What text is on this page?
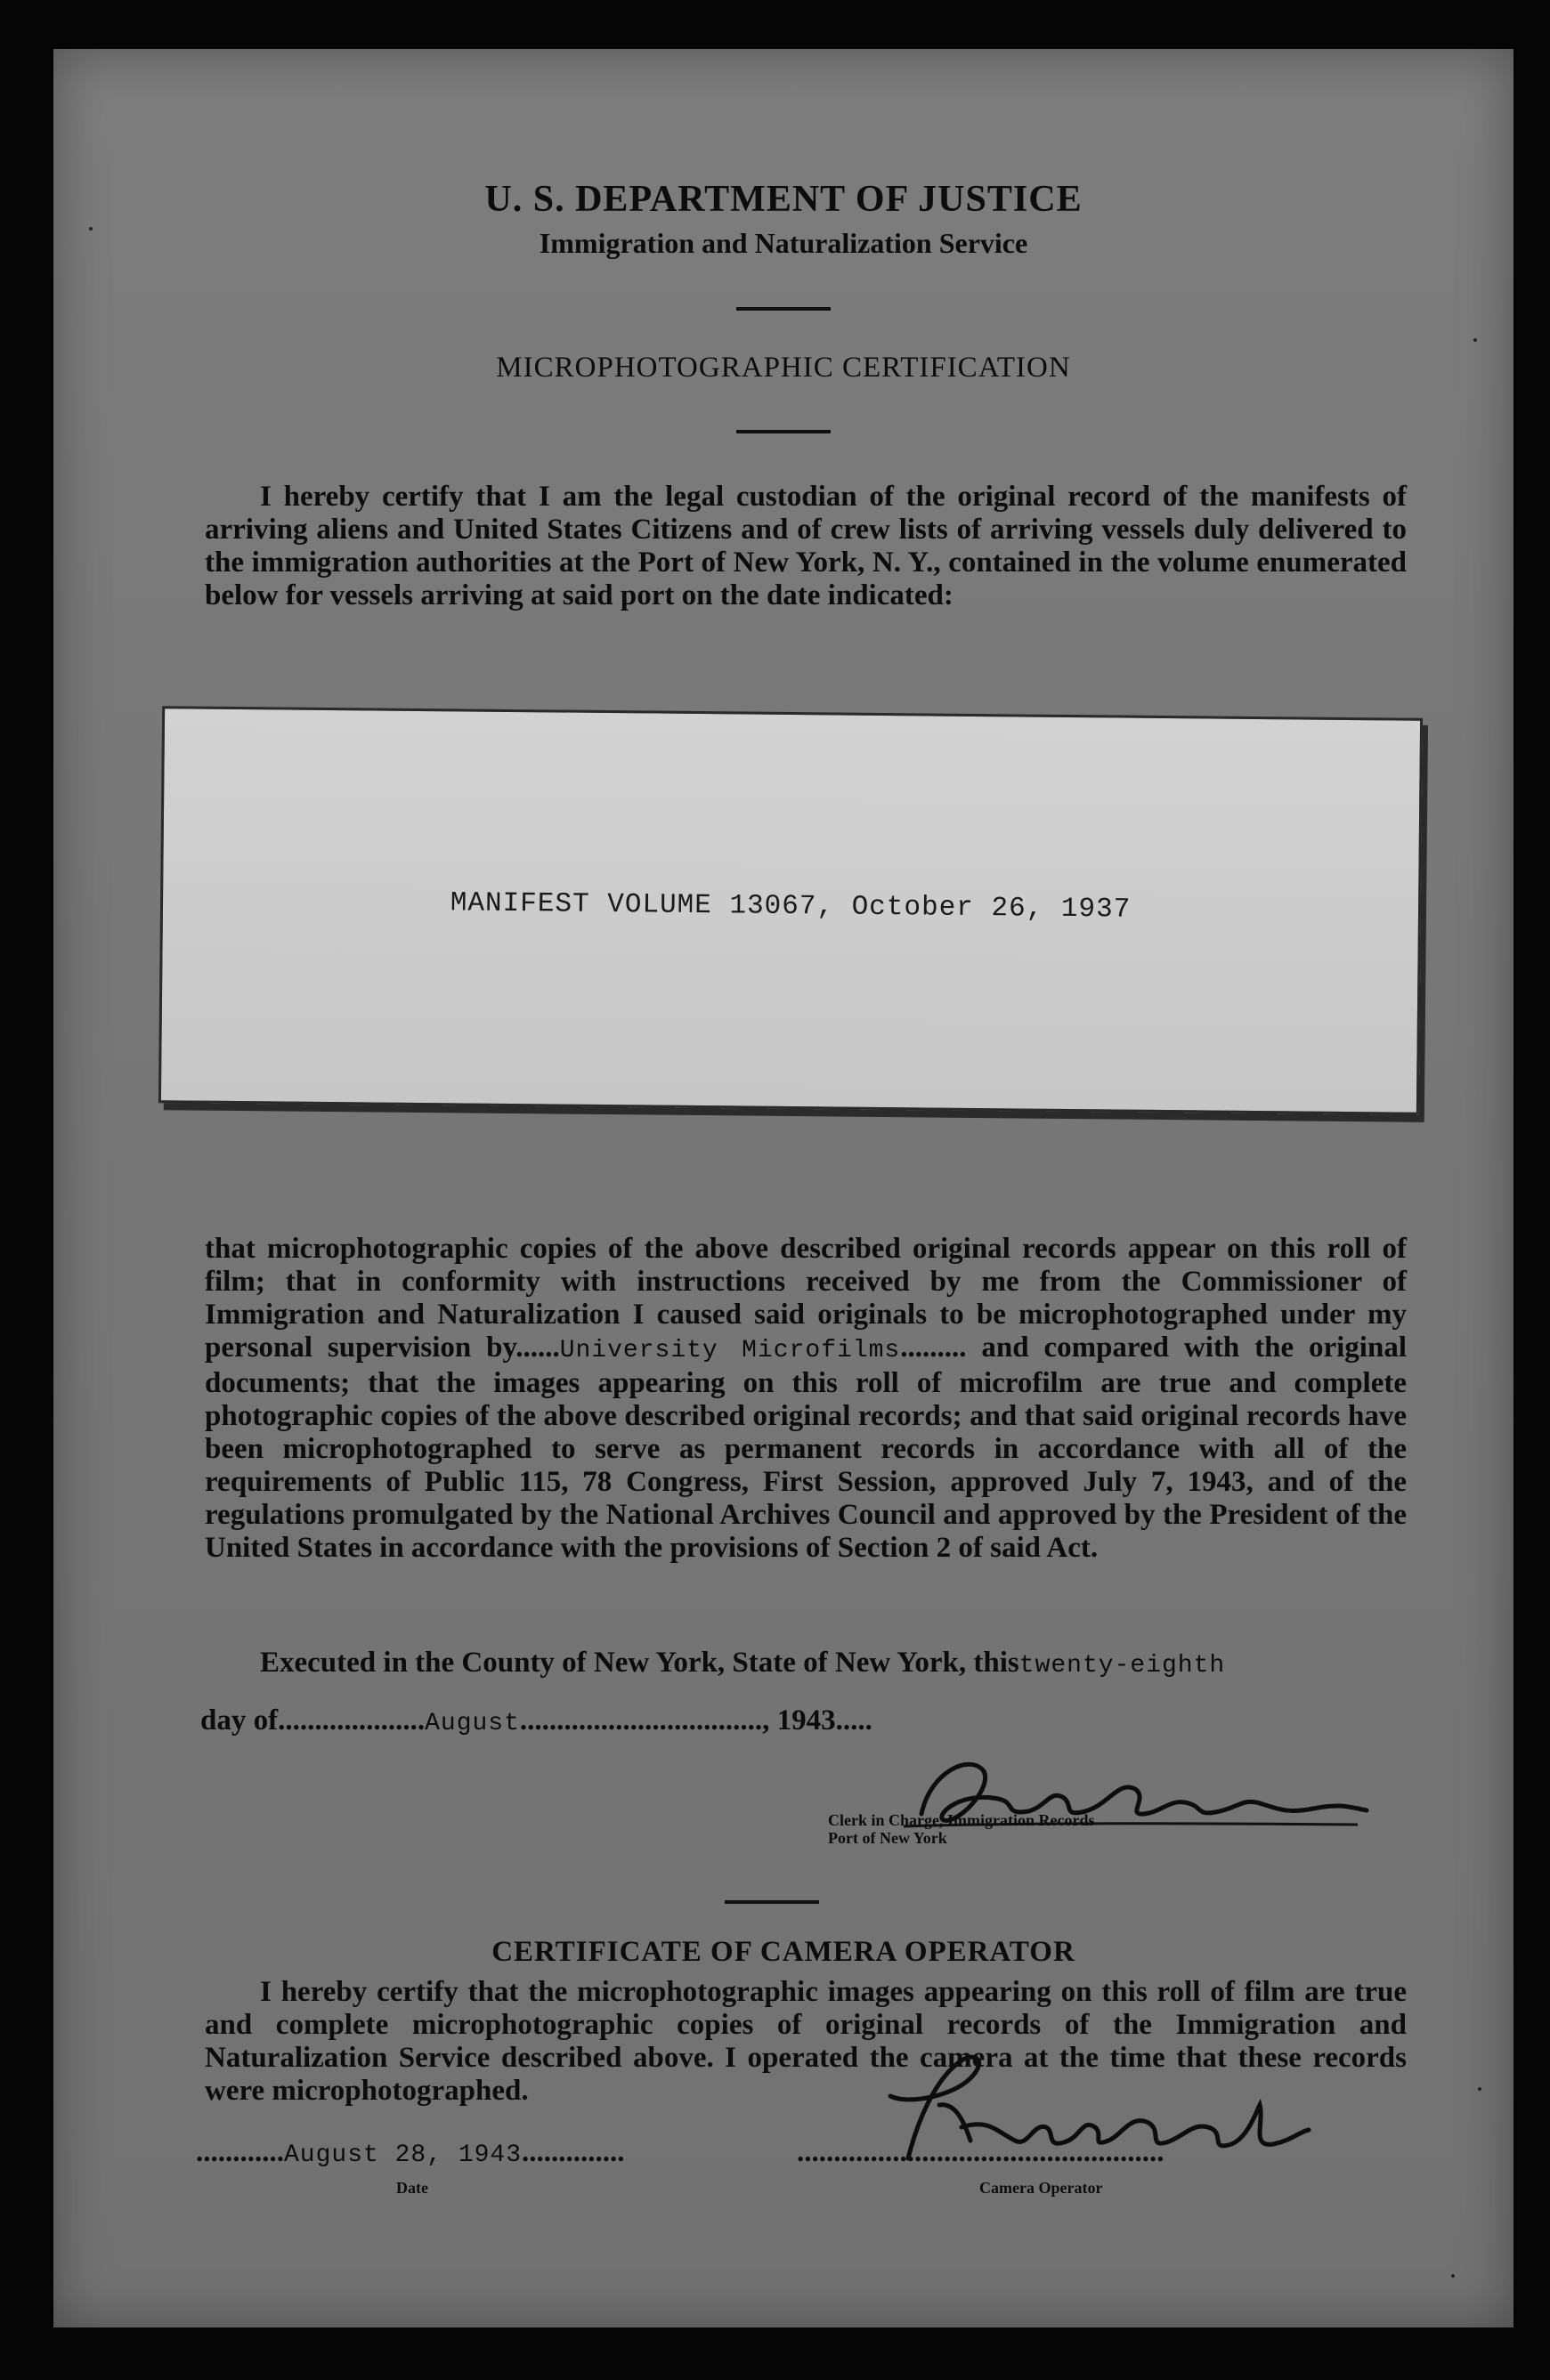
U. S. DEPARTMENT OF JUSTICE
Immigration and Naturalization Service
MICROPHOTOGRAPHIC CERTIFICATION
I hereby certify that I am the legal custodian of the original record of the manifests of arriving aliens and United States Citizens and of crew lists of arriving vessels duly delivered to the immigration authorities at the Port of New York, N. Y., contained in the volume enumerated below for vessels arriving at said port on the date indicated:
MANIFEST VOLUME 13067, October 26, 1937
that microphotographic copies of the above described original records appear on this roll of film; that in conformity with instructions received by me from the Commissioner of Immigration and Naturalization I caused said originals to be microphotographed under my personal supervision by......University Microfilms......... and compared with the original documents; that the images appearing on this roll of microfilm are true and complete photographic copies of the above described original records; and that said original records have been microphotographed to serve as permanent records in accordance with all of the requirements of Public 115, 78 Congress, First Session, approved July 7, 1943, and of the regulations promulgated by the National Archives Council and approved by the President of the United States in accordance with the provisions of Section 2 of said Act.
Executed in the County of New York, State of New York, thistwenty-eighth
day of....................August................................., 1943.....
Clerk in Charge, Immigration Records
Port of New York
CERTIFICATE OF CAMERA OPERATOR
I hereby certify that the microphotographic images appearing on this roll of film are true and complete microphotographic copies of original records of the Immigration and Naturalization Service described above. I operated the camera at the time that these records were microphotographed.
............August 28, 1943..............
Date
..................................................
Camera Operator
